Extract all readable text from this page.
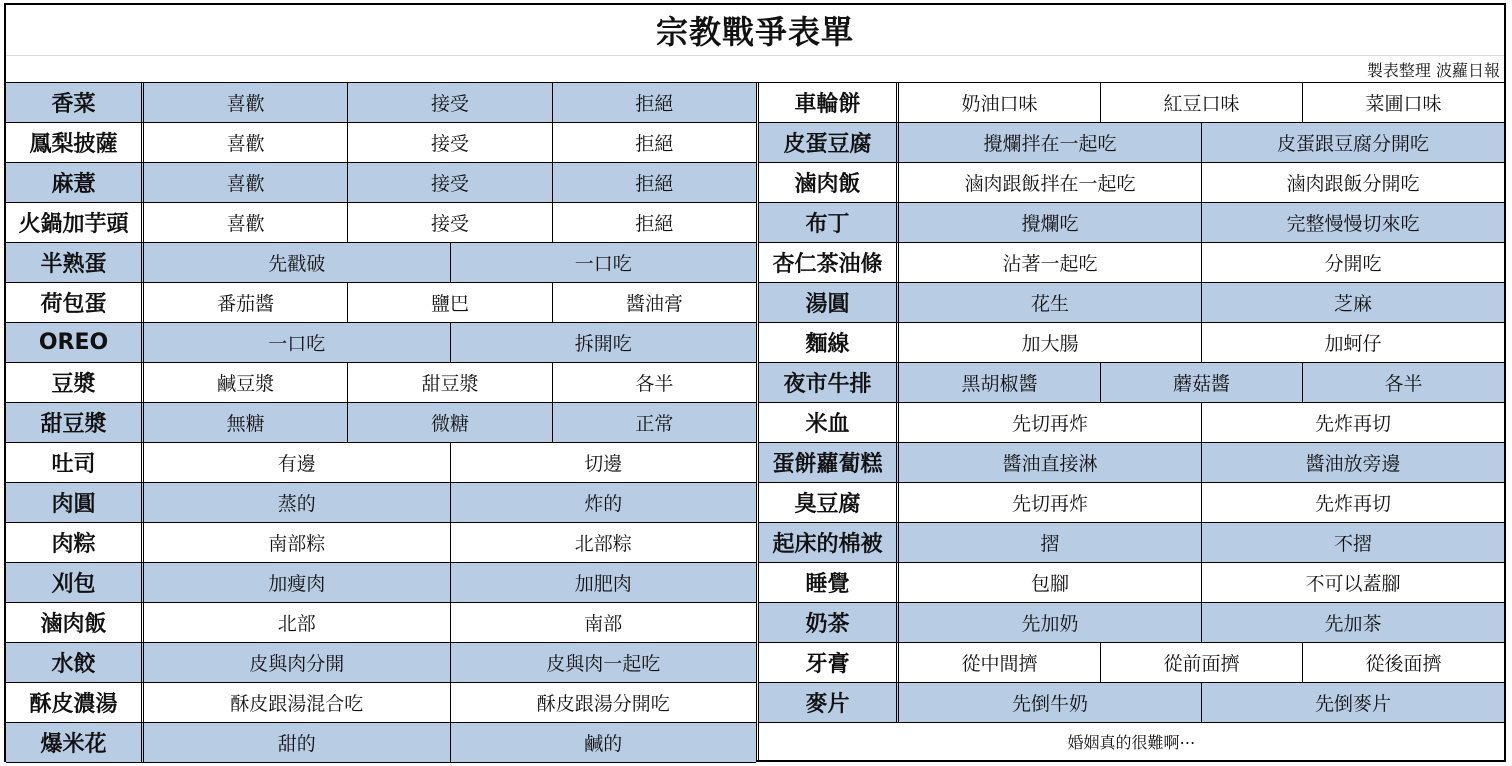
宗教戰爭表單
製表整理 波蘿日報
香菜	喜歡	接受	拒絕
鳳梨披薩	喜歡	接受	拒絕
麻薏	喜歡	接受	拒絕
火鍋加芋頭	喜歡	接受	拒絕
半熟蛋	先戳破	一口吃
荷包蛋	番茄醬	鹽巴	醬油膏
OREO	一口吃	拆開吃
豆漿	鹹豆漿	甜豆漿	各半
甜豆漿	無糖	微糖	正常
吐司	有邊	切邊
肉圓	蒸的	炸的
肉粽	南部粽	北部粽
刈包	加瘦肉	加肥肉
滷肉飯	北部	南部
水餃	皮與肉分開	皮與肉一起吃
酥皮濃湯	酥皮跟湯混合吃	酥皮跟湯分開吃
爆米花	甜的	鹹的
車輪餅	奶油口味	紅豆口味	菜圃口味
皮蛋豆腐	攪爛拌在一起吃	皮蛋跟豆腐分開吃
滷肉飯	滷肉跟飯拌在一起吃	滷肉跟飯分開吃
布丁	攪爛吃	完整慢慢切來吃
杏仁茶油條	沾著一起吃	分開吃
湯圓	花生	芝麻
麵線	加大腸	加蚵仔
夜市牛排	黑胡椒醬	蘑菇醬	各半
米血	先切再炸	先炸再切
蛋餅蘿蔔糕	醬油直接淋	醬油放旁邊
臭豆腐	先切再炸	先炸再切
起床的棉被	摺	不摺
睡覺	包腳	不可以蓋腳
奶茶	先加奶	先加茶
牙膏	從中間擠	從前面擠	從後面擠
麥片	先倒牛奶	先倒麥片
婚姻真的很難啊⋯
